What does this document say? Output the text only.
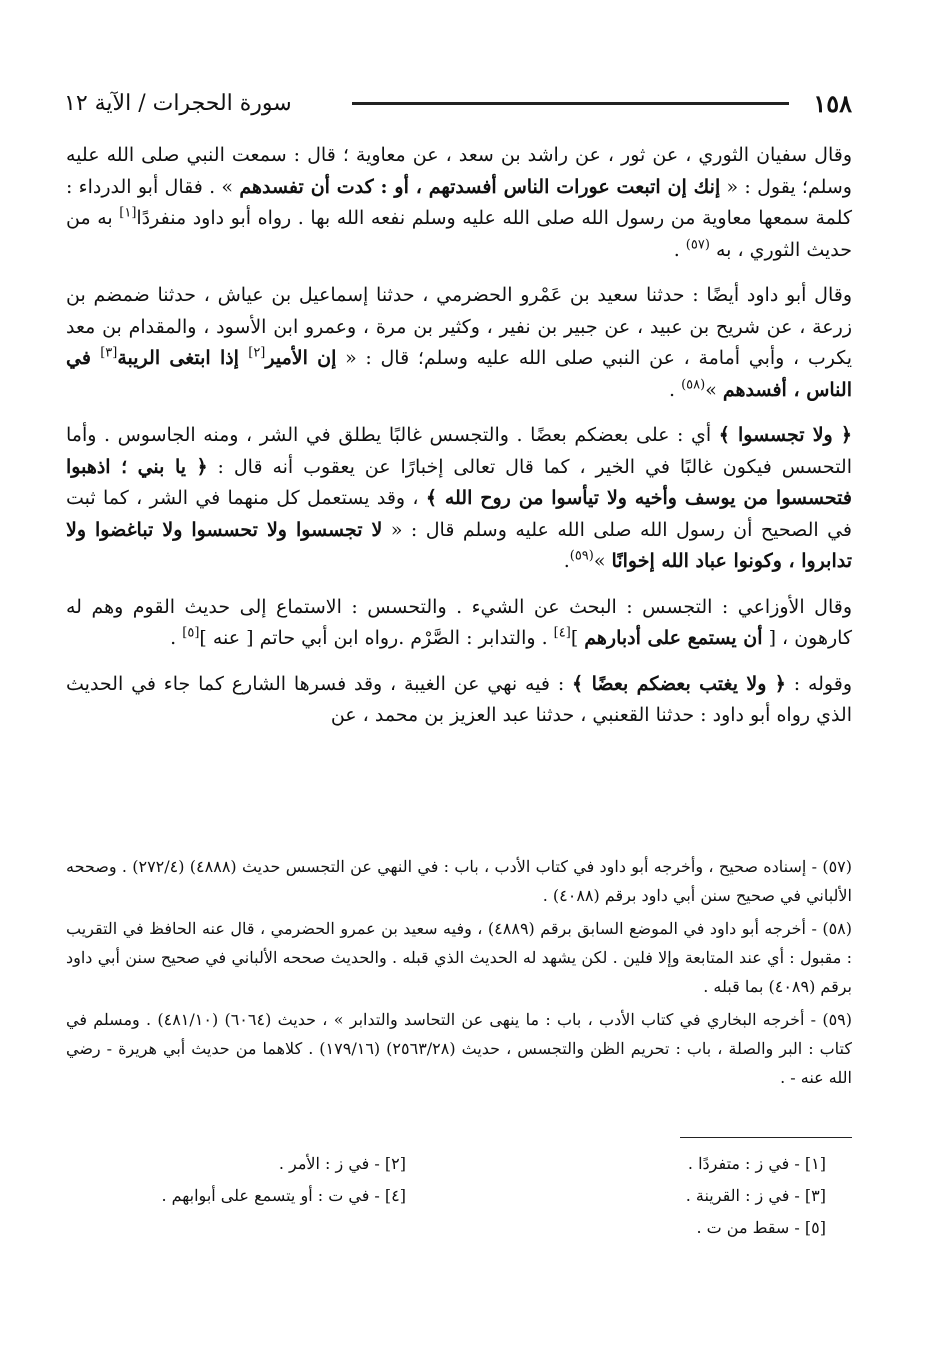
١٥٨
سورة الحجرات / الآية ١٢

وقال سفيان الثوري ، عن ثور ، عن راشد بن سعد ، عن معاوية ؛ قال : سمعت النبي صلى الله عليه وسلم؛ يقول : « إنك إن اتبعت عورات الناس أفسدتهم ، أو : كدت أن تفسدهم » . فقال أبو الدرداء : كلمة سمعها معاوية من رسول الله صلى الله عليه وسلم نفعه الله بها . رواه أبو داود منفردًا[١] به من حديث الثوري ، به $^{(٥٧)}$ .

وقال أبو داود أيضًا : حدثنا سعيد بن عَمْرو الحضرمي ، حدثنا إسماعيل بن عياش ، حدثنا ضمضم بن زرعة ، عن شريح بن عبيد ، عن جبير بن نفير ، وكثير بن مرة ، وعمرو ابن الأسود ، والمقدام بن معد يكرب ، وأبي أمامة ، عن النبي صلى الله عليه وسلم؛ قال : « إن الأمير[٢] إذا ابتغى الريبة[٣] في الناس ، أفسدهم »$^{(٥٨)}$ .

﴿ ولا تجسسوا ﴾ أي : على بعضكم بعضًا . والتجسس غالبًا يطلق في الشر ، ومنه الجاسوس . وأما التحسس فيكون غالبًا في الخير ، كما قال تعالى إخبارًا عن يعقوب أنه قال : ﴿ يا بني ؛ اذهبوا فتحسسوا من يوسف وأخيه ولا تيأسوا من روح الله ﴾ ، وقد يستعمل كل منهما في الشر ، كما ثبت في الصحيح أن رسول الله صلى الله عليه وسلم قال : « لا تجسسوا ولا تحسسوا ولا تباغضوا ولا تدابروا ، وكونوا عباد الله إخوانًا »$^{(٥٩)}$.

وقال الأوزاعي : التجسس : البحث عن الشيء . والتحسس : الاستماع إلى حديث القوم وهم له كارهون ، [ أن يستمع على أدبارهم ][٤] . والتدابر : الصَّرْم .رواه ابن أبي حاتم [ عنه ][٥] .

وقوله : ﴿ ولا يغتب بعضكم بعضًا ﴾ : فيه نهي عن الغيبة ، وقد فسرها الشارع كما جاء في الحديث الذي رواه أبو داود : حدثنا القعنبي ، حدثنا عبد العزيز بن محمد ، عن

(٥٧) - إسناده صحيح ، وأخرجه أبو داود في كتاب الأدب ، باب : في النهي عن التجسس حديث (٤٨٨٨) (٢٧٢/٤) . وصححه الألباني في صحيح سنن أبي داود برقم (٤٠٨٨) .

(٥٨) - أخرجه أبو داود في الموضع السابق برقم (٤٨٨٩) ، وفيه سعيد بن عمرو الحضرمي ، قال عنه الحافظ في التقريب : مقبول : أي عند المتابعة وإلا فلين . لكن يشهد له الحديث الذي قبله . والحديث صححه الألباني في صحيح سنن أبي داود برقم (٤٠٨٩) بما قبله .

(٥٩) - أخرجه البخاري في كتاب الأدب ، باب : ما ينهى عن التحاسد والتدابر » ، حديث (٦٠٦٤) (٤٨١/١٠) . ومسلم في كتاب : البر والصلة ، باب : تحريم الظن والتجسس ، حديث (٢٥٦٣/٢٨) (١٧٩/١٦) . كلاهما من حديث أبي هريرة - رضي الله عنه - .

[١] - في ز : متفردًا .
[٢] - في ز : الأمر .
[٣] - في ز : القرينة .
[٤] - في ت : أو يتسمع على أبوابهم .
[٥] - سقط من ت .
